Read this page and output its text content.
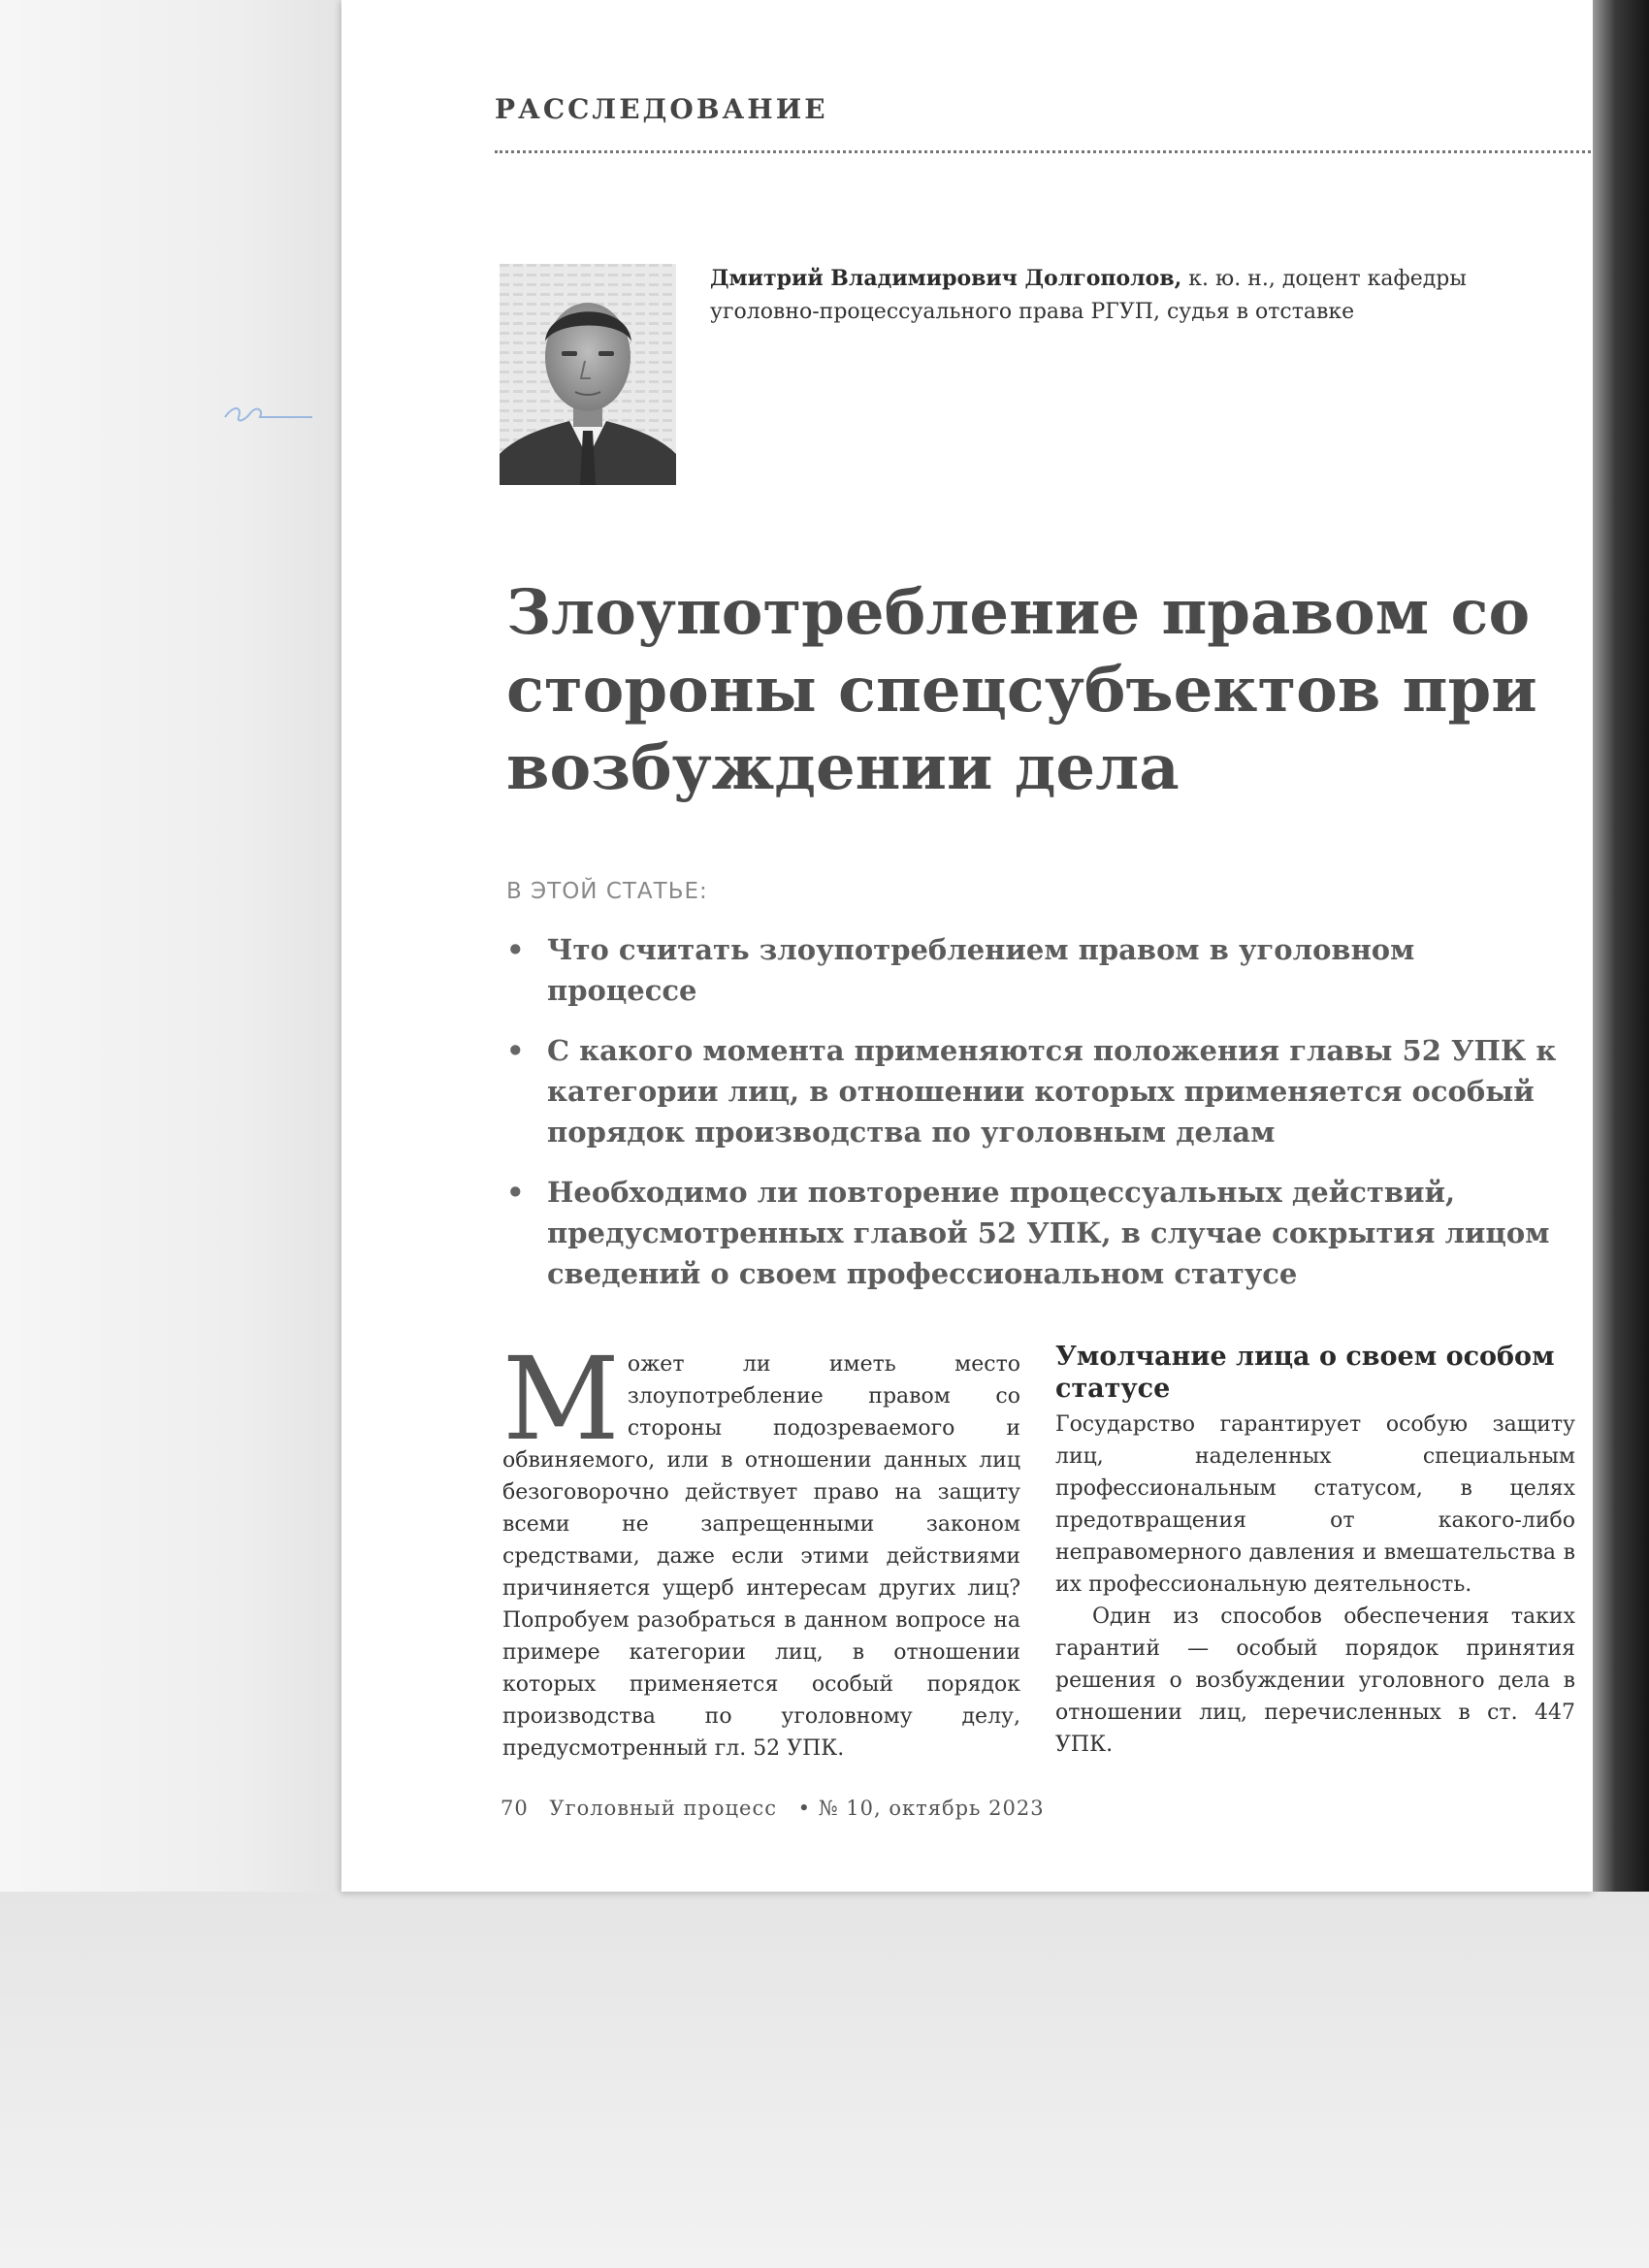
РАССЛЕДОВАНИЕ
Дмитрий Владимирович Долгополов, к. ю. н., доцент кафедры уголовно-процессуального права РГУП, судья в отставке
Злоупотребление правом со стороны спецсубъектов при возбуждении дела
В ЭТОЙ СТАТЬЕ:
• Что считать злоупотреблением правом в уголовном процессе
• С какого момента применяются положения главы 52 УПК к категории лиц, в отношении которых применяется особый порядок производства по уголовным делам
• Необходимо ли повторение процессуальных действий, предусмотренных главой 52 УПК, в случае сокрытия лицом сведений о своем профессиональном статусе
Может ли иметь место злоупотребление правом со стороны подозреваемого и обвиняемого, или в отношении данных лиц безоговорочно действует право на защиту всеми не запрещенными законом средствами, даже если этими действиями причиняется ущерб интересам других лиц? Попробуем разобраться в данном вопросе на примере категории лиц, в отношении которых применяется особый порядок производства по уголовному делу, предусмотренный гл. 52 УПК.
Умолчание лица о своем особом статусе

Государство гарантирует особую защиту лиц, наделенных специальным профессиональным статусом, в целях предотвращения от какого-либо неправомерного давления и вмешательства в их профессиональную деятельность.

Один из способов обеспечения таких гарантий — особый порядок принятия решения о возбуждении уголовного дела в отношении лиц, перечисленных в ст. 447 УПК.

70 Уголовный процесс • № 10, октябрь 2023
